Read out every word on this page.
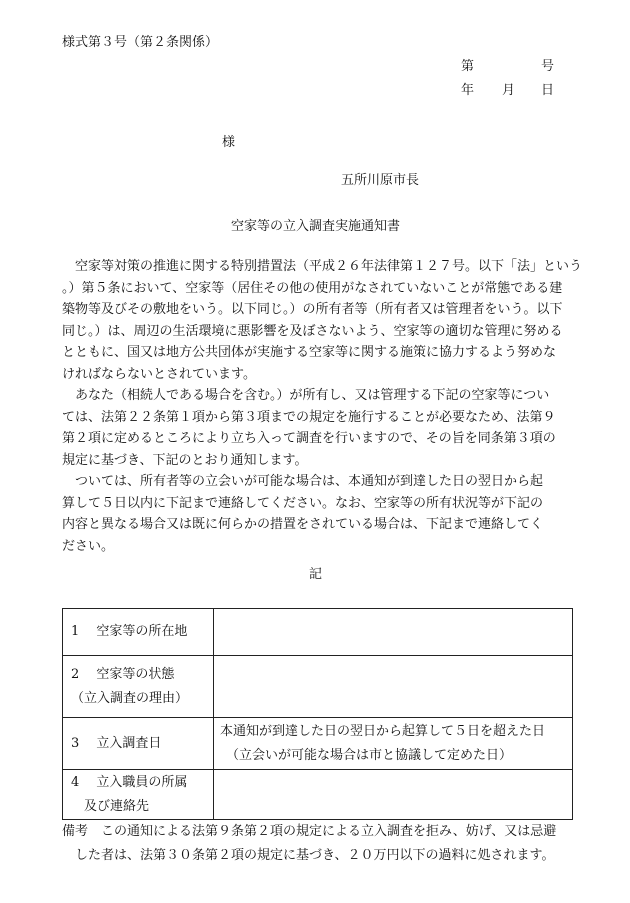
様式第３号（第２条関係）
第	号
年 月 日
様
五所川原市長
空家等の立入調査実施通知書
　空家等対策の推進に関する特別措置法（平成２６年法律第１２７号。以下「法」という
。）第５条において、空家等（居住その他の使用がなされていないことが常態である建
築物等及びその敷地をいう。以下同じ。）の所有者等（所有者又は管理者をいう。以下
同じ。）は、周辺の生活環境に悪影響を及ぼさないよう、空家等の適切な管理に努める
とともに、国又は地方公共団体が実施する空家等に関する施策に協力するよう努めな
ければならないとされています。
　あなた（相続人である場合を含む。）が所有し、又は管理する下記の空家等につい
ては、法第２２条第１項から第３項までの規定を施行することが必要なため、法第９
第２項に定めるところにより立ち入って調査を行いますので、その旨を同条第３項の
規定に基づき、下記のとおり通知します。
　ついては、所有者等の立会いが可能な場合は、本通知が到達した日の翌日から起
算して５日以内に下記まで連絡してください。なお、空家等の所有状況等が下記の
内容と異なる場合又は既に何らかの措置をされている場合は、下記まで連絡してく
ださい。
記
1　 空家等の所在地	

2　 空家等の状態
（立入調査の理由）	

3　 立入調査日	本通知が到達した日の翌日から起算して５日を超えた日
（立会いが可能な場合は市と協議して定めた日）

4　 立入職員の所属
　及び連絡先	

備考　この通知による法第９条第２項の規定による立入調査を拒み、妨げ、又は忌避
　した者は、法第３０条第２項の規定に基づき、２０万円以下の過料に処されます。
